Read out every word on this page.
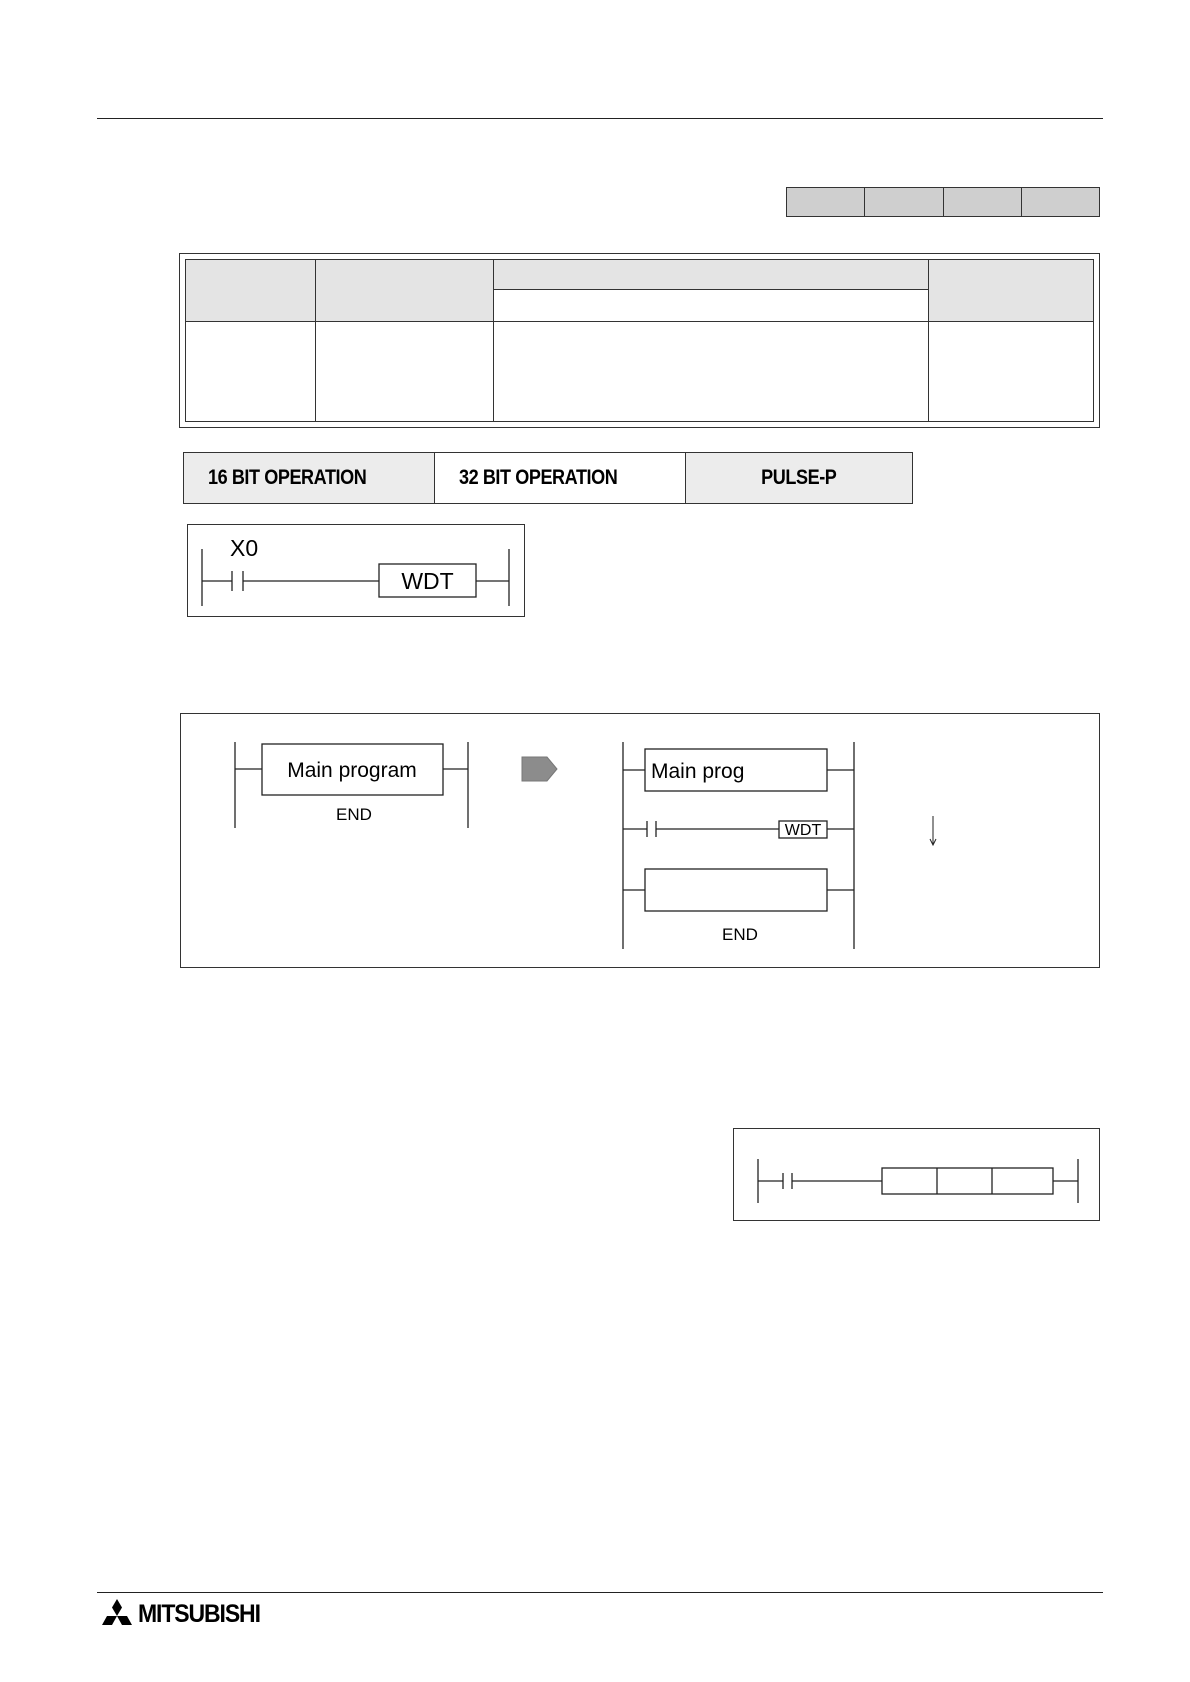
16 BIT OPERATION	32 BIT OPERATION	PULSE-P
X0
WDT
Main program
END
Main prog
WDT
END
MITSUBISHI
